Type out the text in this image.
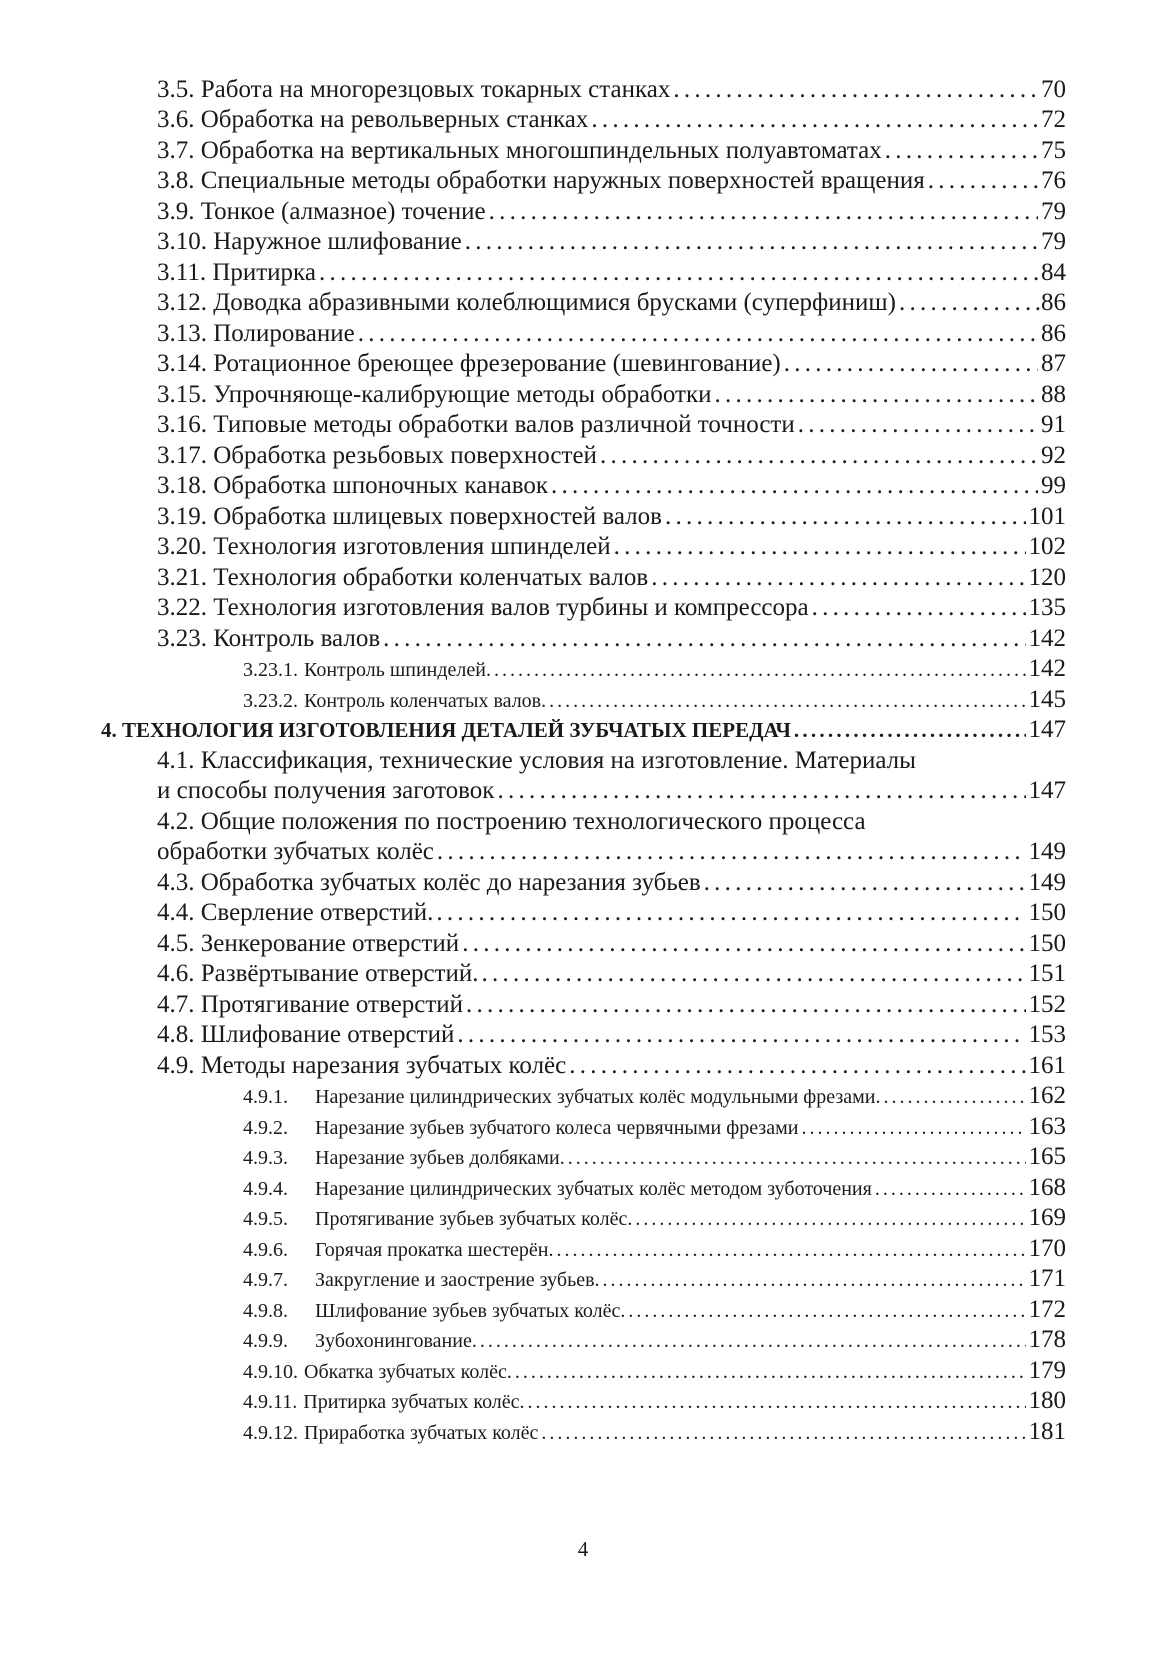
3.5. Работа на многорезцовых токарных станках . . .	70
3.6. Обработка на револьверных станках . . .	72
3.7. Обработка на вертикальных многошпиндельных полуавтоматах . . .	75
3.8. Специальные методы обработки наружных поверхностей вращения . . .	76
3.9. Тонкое (алмазное) точение . . .	79
3.10. Наружное шлифование . . .	79
3.11. Притирка . . .	84
3.12. Доводка абразивными колеблющимися брусками (суперфиниш) . . .	.86
3.13. Полирование . . .	86
3.14. Ротационное бреющее фрезерование (шевингование) . . .	87
3.15. Упрочняюще-калибрующие методы обработки . . .	88
3.16. Типовые методы обработки валов различной точности . . .	91
3.17. Обработка резьбовых поверхностей . . .	92
3.18. Обработка шпоночных канавок . . .	99
3.19. Обработка шлицевых поверхностей валов . . .	101
3.20. Технология изготовления шпинделей . . .	102
3.21. Технология обработки коленчатых валов . . .	120
3.22. Технология изготовления валов турбины и компрессора . . .	135
3.23. Контроль валов . . .	142
3.23.1. Контроль шпинделей. . . .	142
3.23.2. Контроль коленчатых валов. . . .	145
4. ТЕХНОЛОГИЯ ИЗГОТОВЛЕНИЯ ДЕТАЛЕЙ ЗУБЧАТЫХ ПЕРЕДАЧ . . .	147
4.1. Классификация, технические условия на изготовление. Материалы
и способы получения заготовок . . .	147
4.2. Общие положения по построению технологического процесса
обработки зубчатых колёс . . .	149
4.3. Обработка зубчатых колёс до нарезания зубьев . . .	149
4.4. Сверление отверстий. . . .	150
4.5. Зенкерование отверстий . . .	150
4.6. Развёртывание отверстий. . . .	151
4.7. Протягивание отверстий . . .	152
4.8. Шлифование отверстий . . .	153
4.9. Методы нарезания зубчатых колёс . . .	161
4.9.1. Нарезание цилиндрических зубчатых колёс модульными фрезами. . . .	162
4.9.2. Нарезание зубьев зубчатого колеса червячными фрезами . . .	163
4.9.3. Нарезание зубьев долбяками. . . .	165
4.9.4. Нарезание цилиндрических зубчатых колёс методом зуботочения . . .	168
4.9.5. Протягивание зубьев зубчатых колёс. . . .	169
4.9.6. Горячая прокатка шестерён. . . .	170
4.9.7. Закругление и заострение зубьев. . . .	171
4.9.8. Шлифование зубьев зубчатых колёс. . . .	172
4.9.9. Зубохонингование. . . .	178
4.9.10. Обкатка зубчатых колёс. . . .	179
4.9.11. Притирка зубчатых колёс. . . .	180
4.9.12. Приработка зубчатых колёс . . .	181
4
